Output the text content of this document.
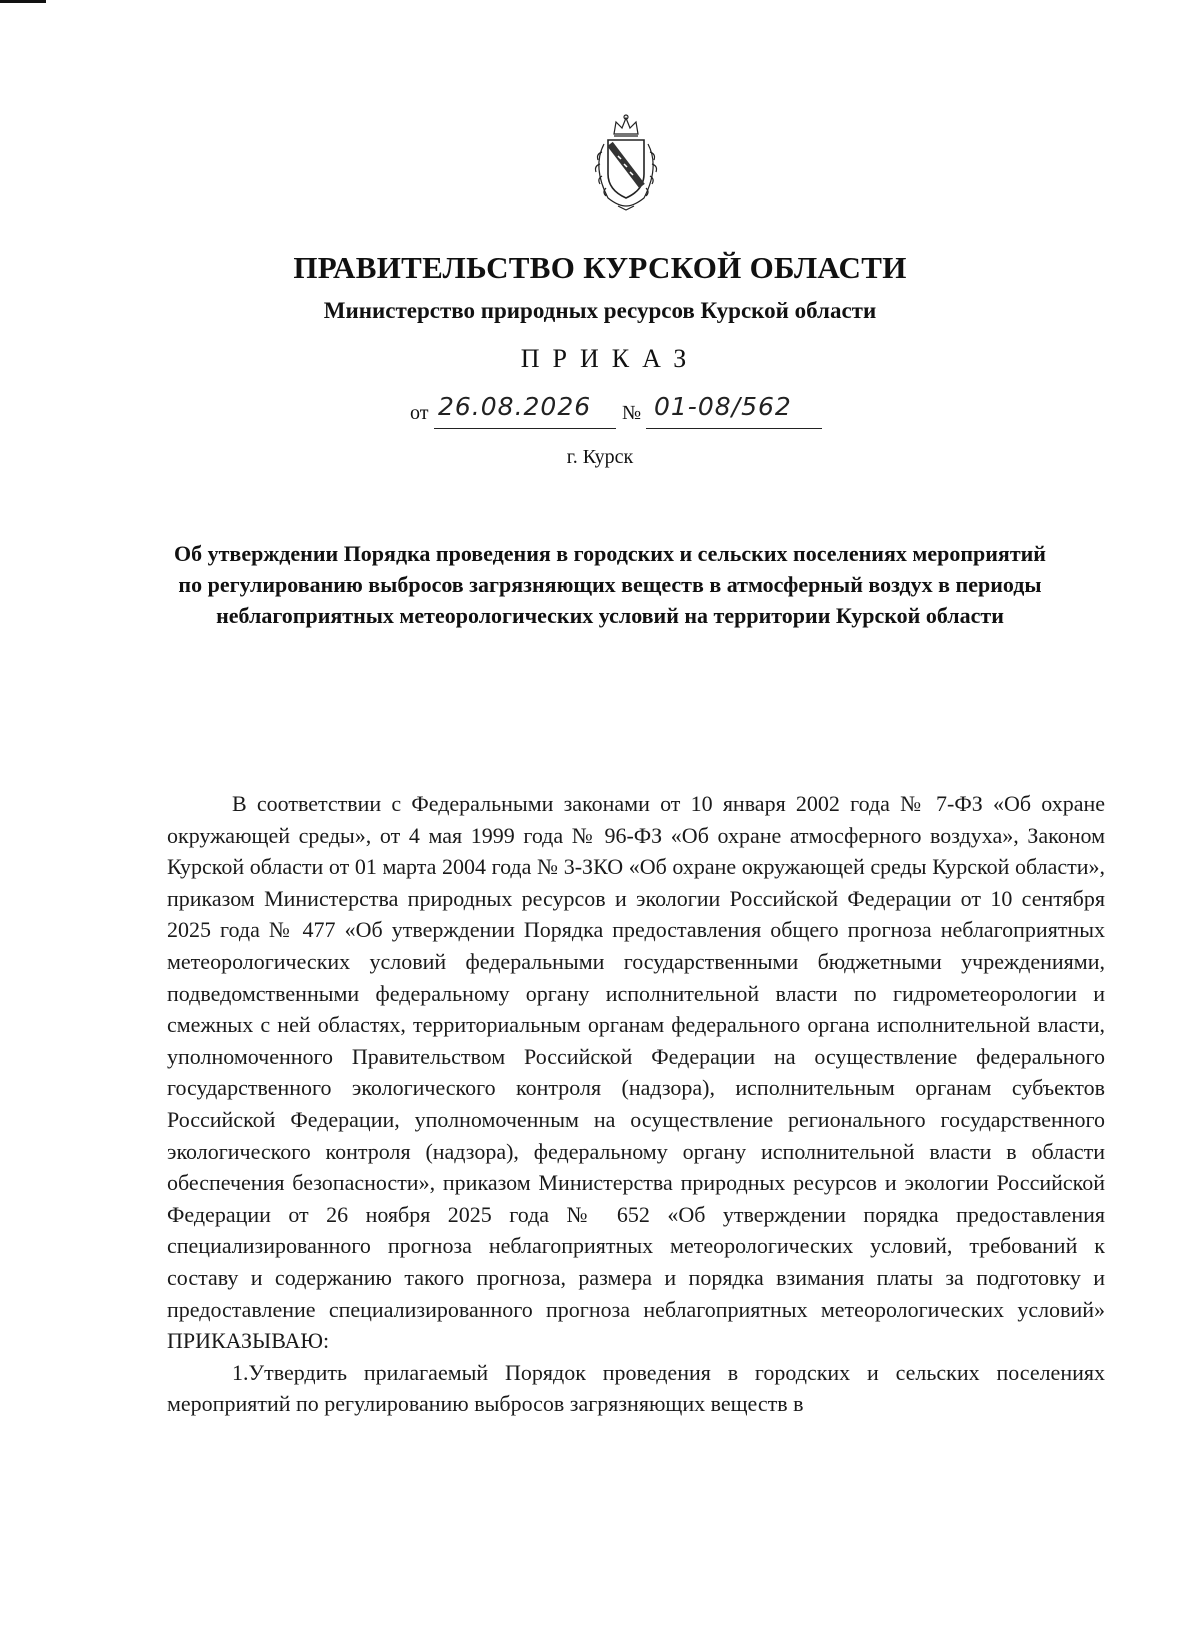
ПРАВИТЕЛЬСТВО КУРСКОЙ ОБЛАСТИ
Министерство природных ресурсов Курской области
ПРИКАЗ
от 26.08.2026 № 01-08/562
г. Курск
Об утверждении Порядка проведения в городских и сельских поселениях мероприятий по регулированию выбросов загрязняющих веществ в атмосферный воздух в периоды неблагоприятных метеорологических условий на территории Курской области

В соответствии с Федеральными законами от 10 января 2002 года № 7-ФЗ «Об охране окружающей среды», от 4 мая 1999 года № 96-ФЗ «Об охране атмосферного воздуха», Законом Курской области от 01 марта 2004 года № 3-ЗКО «Об охране окружающей среды Курской области», приказом Министерства природных ресурсов и экологии Российской Федерации от 10 сентября 2025 года № 477 «Об утверждении Порядка предоставления общего прогноза неблагоприятных метеорологических условий федеральными государственными бюджетными учреждениями, подведомственными федеральному органу исполнительной власти по гидрометеорологии и смежных с ней областях, территориальным органам федерального органа исполнительной власти, уполномоченного Правительством Российской Федерации на осуществление федерального государственного экологического контроля (надзора), исполнительным органам субъектов Российской Федерации, уполномоченным на осуществление регионального государственного экологического контроля (надзора), федеральному органу исполнительной власти в области обеспечения безопасности», приказом Министерства природных ресурсов и экологии Российской Федерации от 26 ноября 2025 года № 652 «Об утверждении порядка предоставления специализированного прогноза неблагоприятных метеорологических условий, требований к составу и содержанию такого прогноза, размера и порядка взимания платы за подготовку и предоставление специализированного прогноза неблагоприятных метеорологических условий» ПРИКАЗЫВАЮ:

1.Утвердить прилагаемый Порядок проведения в городских и сельских поселениях мероприятий по регулированию выбросов загрязняющих веществ в
